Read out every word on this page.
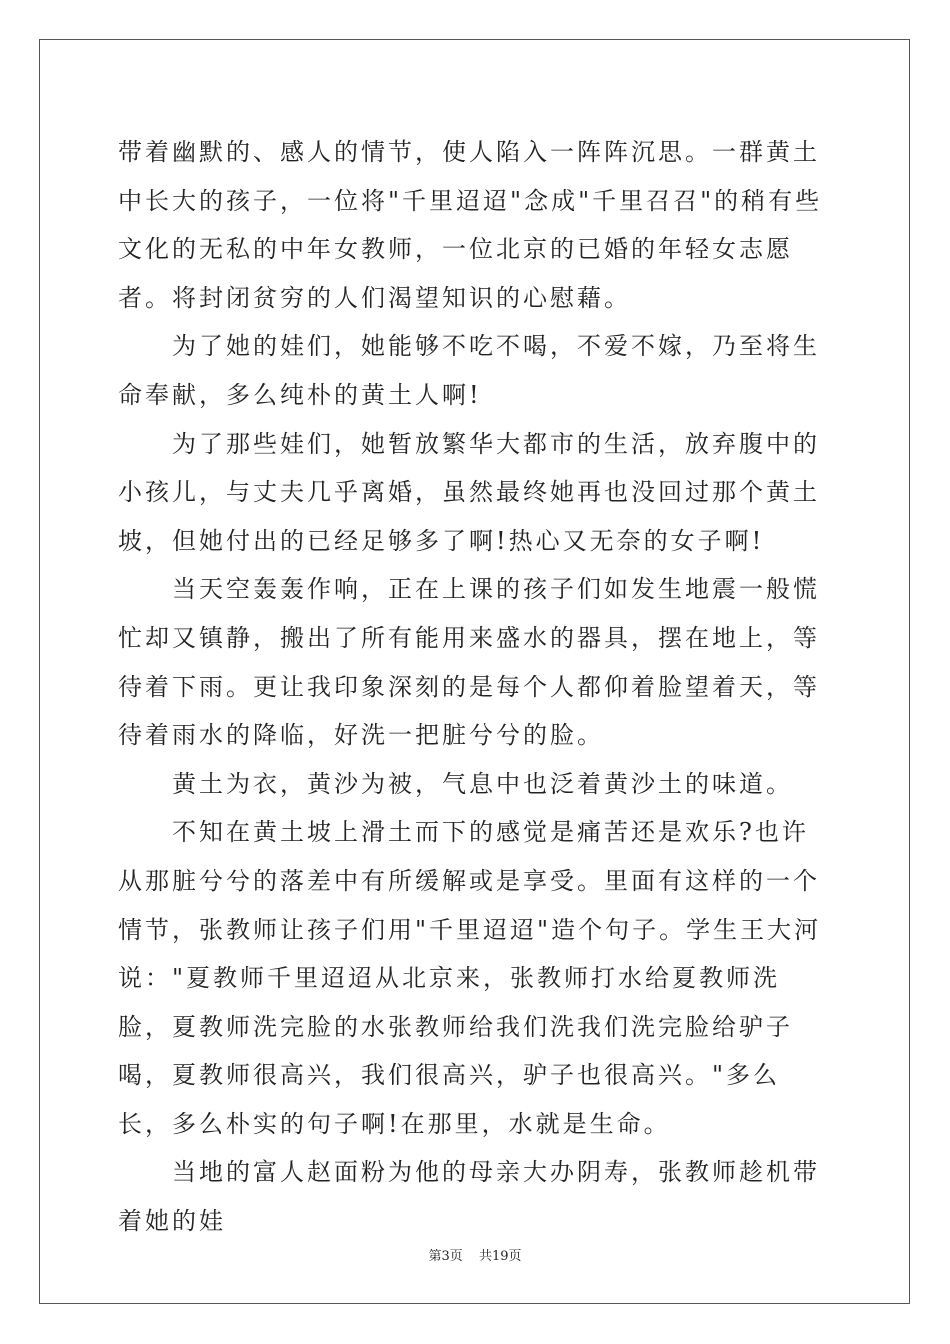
带着幽默的、感人的情节，使人陷入一阵阵沉思。一群黄土中长大的孩子，一位将"千里迢迢"念成"千里召召"的稍有些文化的无私的中年女教师，一位北京的已婚的年轻女志愿者。将封闭贫穷的人们渴望知识的心慰藉。

为了她的娃们，她能够不吃不喝，不爱不嫁，乃至将生命奉献，多么纯朴的黄土人啊!

为了那些娃们，她暂放繁华大都市的生活，放弃腹中的小孩儿，与丈夫几乎离婚，虽然最终她再也没回过那个黄土坡，但她付出的已经足够多了啊!热心又无奈的女子啊!

当天空轰轰作响，正在上课的孩子们如发生地震一般慌忙却又镇静，搬出了所有能用来盛水的器具，摆在地上，等待着下雨。更让我印象深刻的是每个人都仰着脸望着天，等待着雨水的降临，好洗一把脏兮兮的脸。

黄土为衣，黄沙为被，气息中也泛着黄沙土的味道。

不知在黄土坡上滑土而下的感觉是痛苦还是欢乐?也许从那脏兮兮的落差中有所缓解或是享受。里面有这样的一个情节，张教师让孩子们用"千里迢迢"造个句子。学生王大河说："夏教师千里迢迢从北京来，张教师打水给夏教师洗脸，夏教师洗完脸的水张教师给我们洗我们洗完脸给驴子喝，夏教师很高兴，我们很高兴，驴子也很高兴。"多么长，多么朴实的句子啊!在那里，水就是生命。

当地的富人赵面粉为他的母亲大办阴寿，张教师趁机带着她的娃

第3页 共19页
